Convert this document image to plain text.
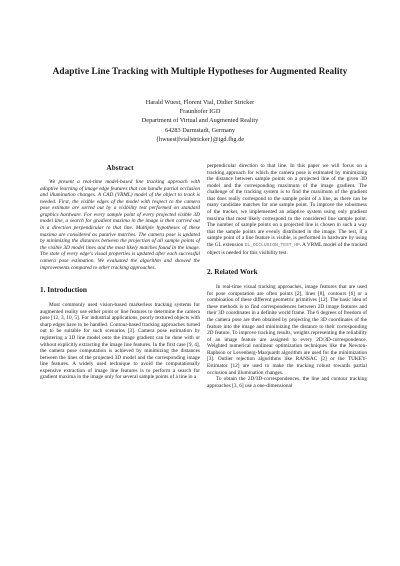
Adaptive Line Tracking with Multiple Hypotheses for Augmented Reality
Harald Wuest, Florent Vial, Didier Stricker
Fraunhofer IGD
Department of Virtual and Augmented Reality
64283 Darmstadt, Germany
{hwuest|fvial|stricker}@igd.fhg.de
Abstract

We present a real-time model-based line tracking approach with adaptive learning of image edge features that can handle partial occlusion and illumination changes. A CAD (VRML) model of the object to track is needed. First, the visible edges of the model with respect to the camera pose estimate are sorted out by a visibility test performed on standard graphics hardware. For every sample point of every projected visible 3D model line, a search for gradient maxima in the image is then carried out in a direction perpendicular to that line. Multiple hypotheses of these maxima are considered as putative matches. The camera pose is updated by minimizing the distances between the projection of all sample points of the visible 3D model lines and the most likely matches found in the image. The state of every edge's visual properties is updated after each successful camera pose estimation. We evaluated the algorithm and showed the improvements compared to other tracking approaches.

1. Introduction

Most commonly used vision-based markerless tracking systems for augmented reality use either point or line features to determine the camera pose [12, 3, 10, 5]. For industrial applications, poorly textured objects with sharp edges have to be handled. Contour-based tracking approaches turned out to be suitable for such scenarios [3]. Camera pose estimation by registering a 3D line model onto the image gradient can be done with or without explicitly extracting the image line features. In the first case [9, 4], the camera pose computation is achieved by minimizing the distances between the lines of the projected 3D model and the corresponding image line features. A widely used technique to avoid the computationally expensive extraction of image line features is to perform a search for gradient maxima in the image only for several sample points of a line in a

perpendicular direction to that line. In this paper we will focus on a tracking approach for which the camera pose is estimated by minimizing the distance between sample points on a projected line of the given 3D model and the corresponding maximum of the image gradient. The challenge of the tracking system is to find the maximum of the gradient that does really correspond to the sample point of a line, as there can be many candidate matches for one sample point. To improve the robustness of the tracker, we implemented an adaptive system using only gradient maxima that most likely correspond to the considered line sample point. The number of sample points on a projected line is chosen in such a way that the sample points are evenly distributed in the image. The test, if a sample point of a line feature is visible, is performed in hardware by using the GL extension GL_OCCLUSION_TEST_HP. A VRML model of the tracked object is needed for this visibility test.

2. Related Work

In real-time visual tracking approaches, image features that are used for pose computation are often points [2], lines [8], contours [6] or a combination of these different geometric primitives [12]. The basic idea of these methods is to find correspondences between 2D image features and their 3D coordinates in a definite world frame. The 6 degrees of freedom of the camera pose are then obtained by projecting the 3D coordinates of the feature into the image and minimizing the distance to their corresponding 2D feature. To improve tracking results, weights representing the reliability of an image feature are assigned to every 2D/3D-correspondence. Weighted numerical nonlinear optimization techniques like the Newton-Raphson or Levenberg-Marquardt algorithm are used for the minimization [3]. Outlier rejection algorithms like RANSAC [2] or the TUKEY-Estimator [12] are used to make the tracking robust towards partial occlusion and illumination changes.

To obtain the 2D/3D-correspondences, the line and contour tracking approaches [3, 6] use a one-dimensional
